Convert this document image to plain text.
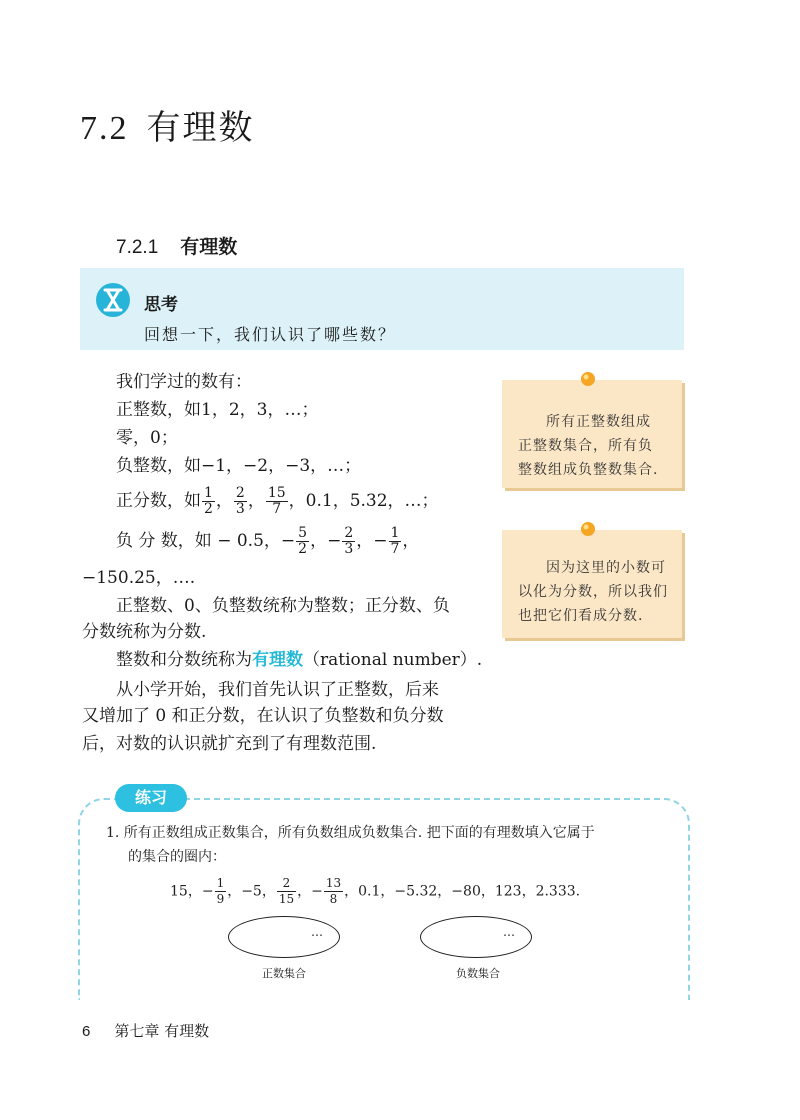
7.2 有理数
7.2.1 有理数
思考
回想一下，我们认识了哪些数？
我们学过的数有：
正整数，如1，2，3，…；
零，0；
负整数，如−1，−2，−3，…；
正分数，如 $\frac{1}{2}$ ， $\frac{2}{3}$ ， $\frac{15}{7}$ ，0.1，5.32，…；
负 分 数，如 − 0.5，− $\frac{5}{2}$ ，− $\frac{2}{3}$ ，− $\frac{1}{7}$ ，
−150.25，….
正整数、0、负整数统称为整数；正分数、负
分数统称为分数.
整数和分数统称为有理数（rational number）.
从小学开始，我们首先认识了正整数，后来
又增加了 0 和正分数，在认识了负整数和负分数
后，对数的认识就扩充到了有理数范围.
所有正整数组成
正整数集合，所有负
整数组成负整数集合.
因为这里的小数可
以化为分数，所以我们
也把它们看成分数.
练习
1. 所有正数组成正数集合，所有负数组成负数集合. 把下面的有理数填入它属于
的集合的圈内：
15，− $\frac{1}{9}$ ，−5， $\frac{2}{15}$ ，− $\frac{13}{8}$ ，0.1，−5.32，−80，123，2.333.
…
正数集合
…
负数集合
6 第七章 有理数
